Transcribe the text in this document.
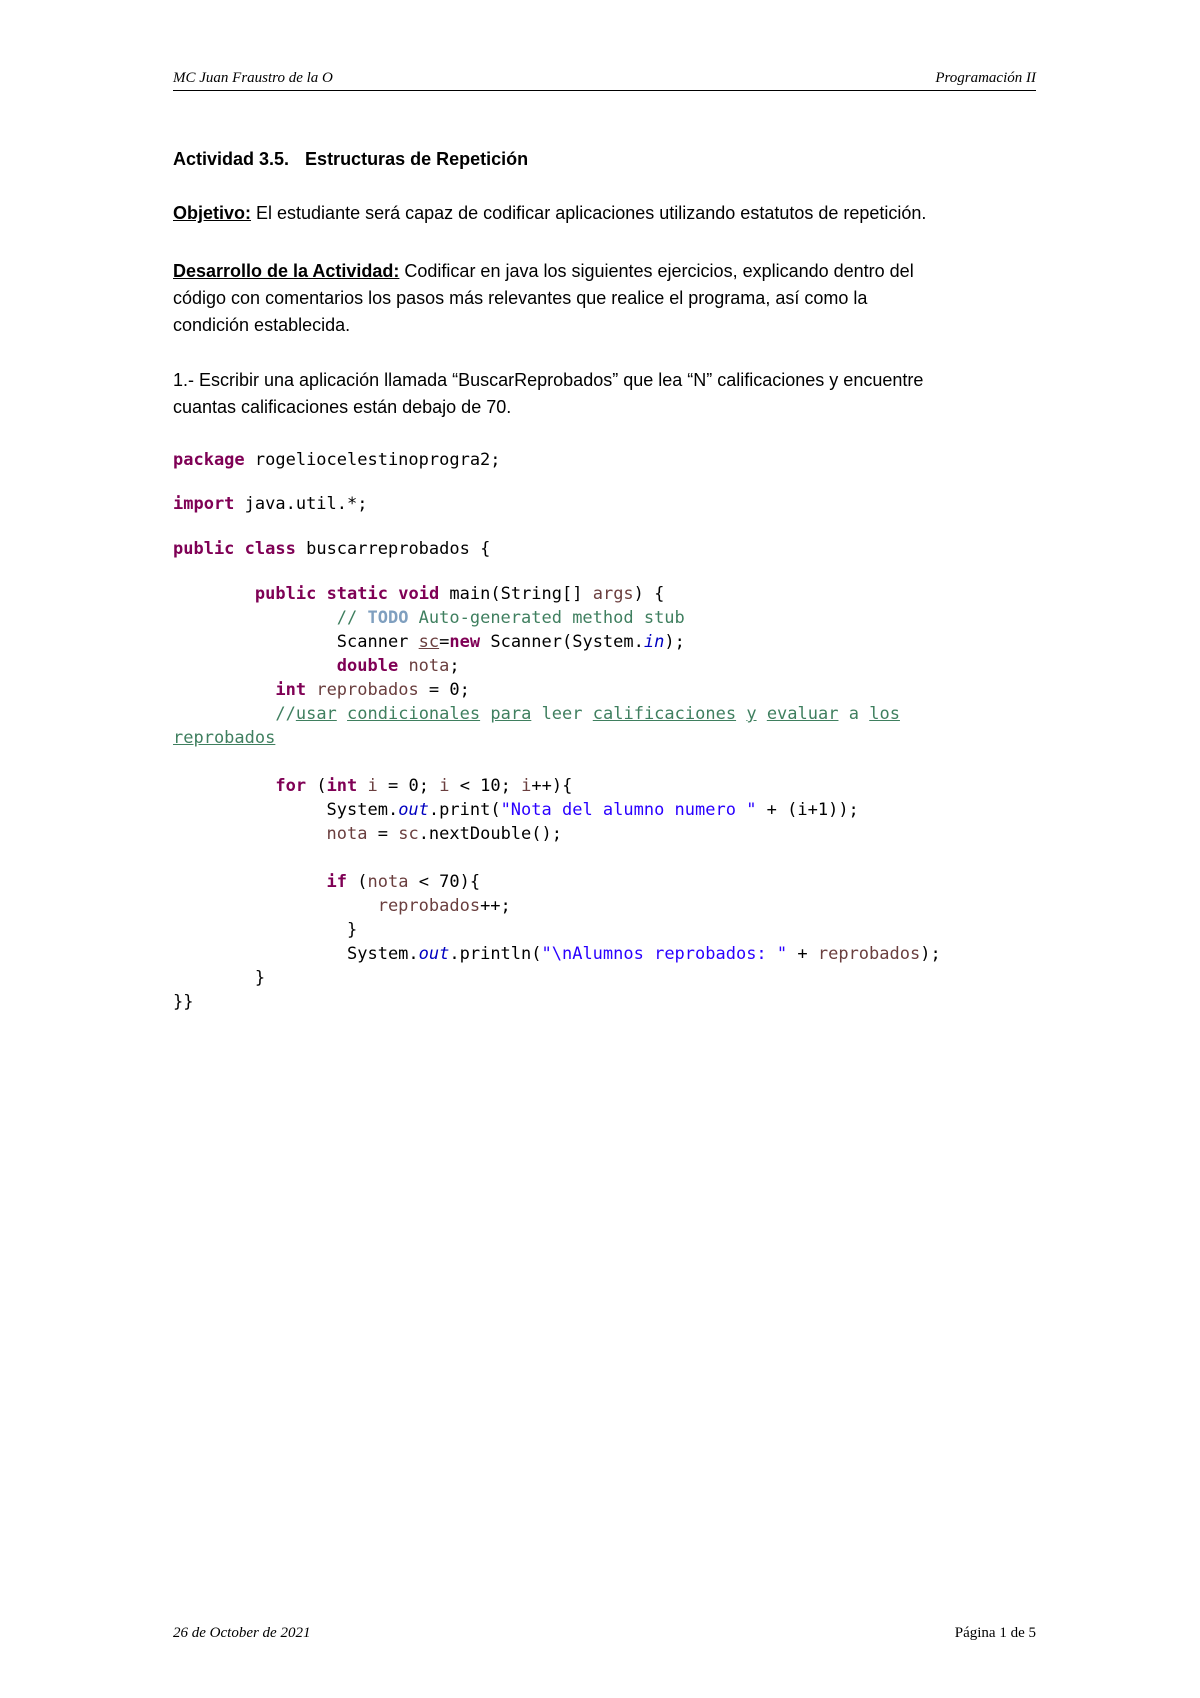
MC Juan Fraustro de la O	Programación II
Actividad 3.5. Estructuras de Repetición
Objetivo: El estudiante será capaz de codificar aplicaciones utilizando estatutos de repetición.
Desarrollo de la Actividad: Codificar en java los siguientes ejercicios, explicando dentro del
código con comentarios los pasos más relevantes que realice el programa, así como la
condición establecida.
1.- Escribir una aplicación llamada “BuscarReprobados” que lea “N” calificaciones y encuentre
cuantas calificaciones están debajo de 70.
package rogeliocelestinoprogra2;
import java.util.*;
public class buscarreprobados {
public static void main(String[] args) {
// TODO Auto-generated method stub
Scanner sc=new Scanner(System.in);
double nota;
int reprobados = 0;
//usar condicionales para leer calificaciones y evaluar a los
reprobados
for (int i = 0; i < 10; i++){
System.out.print("Nota del alumno numero " + (i+1));
nota = sc.nextDouble();
if (nota < 70){
reprobados++;
}
System.out.println("\nAlumnos reprobados: " + reprobados);
}
}}
26 de October de 2021	Página 1 de 5
